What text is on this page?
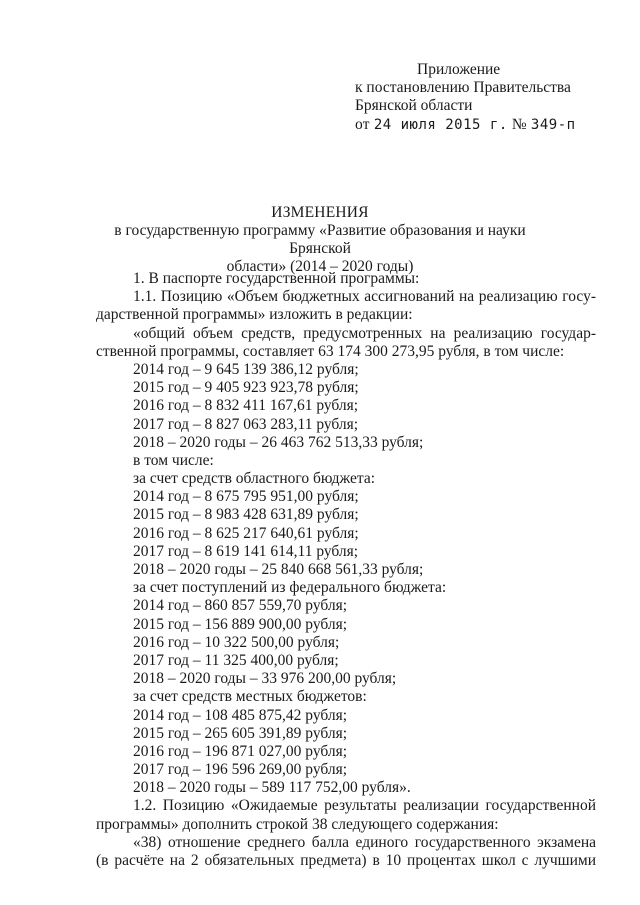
Приложение
к постановлению Правительства
Брянской области
от 24 июля 2015 г. № 349-п
ИЗМЕНЕНИЯ
в государственную программу «Развитие образования и науки Брянской
области» (2014 – 2020 годы)
1. В паспорте государственной программы:
1.1. Позицию «Объем бюджетных ассигнований на реализацию госу-
дарственной программы» изложить в редакции:
«общий объем средств, предусмотренных на реализацию государ-
ственной программы, составляет 63 174 300 273,95 рубля, в том числе:
2014 год – 9 645 139 386,12 рубля;
2015 год – 9 405 923 923,78 рубля;
2016 год – 8 832 411 167,61 рубля;
2017 год – 8 827 063 283,11 рубля;
2018 – 2020 годы – 26 463 762 513,33 рубля;
в том числе:
за счет средств областного бюджета:
2014 год – 8 675 795 951,00 рубля;
2015 год – 8 983 428 631,89 рубля;
2016 год – 8 625 217 640,61 рубля;
2017 год – 8 619 141 614,11 рубля;
2018 – 2020 годы – 25 840 668 561,33 рубля;
за счет поступлений из федерального бюджета:
2014 год – 860 857 559,70 рубля;
2015 год – 156 889 900,00 рубля;
2016 год – 10 322 500,00 рубля;
2017 год – 11 325 400,00 рубля;
2018 – 2020 годы – 33 976 200,00 рубля;
за счет средств местных бюджетов:
2014 год – 108 485 875,42 рубля;
2015 год – 265 605 391,89 рубля;
2016 год – 196 871 027,00 рубля;
2017 год – 196 596 269,00 рубля;
2018 – 2020 годы – 589 117 752,00 рубля».
1.2. Позицию «Ожидаемые результаты реализации государственной
программы» дополнить строкой 38 следующего содержания:
«38) отношение среднего балла единого государственного экзамена
(в расчёте на 2 обязательных предмета) в 10 процентах школ с лучшими
